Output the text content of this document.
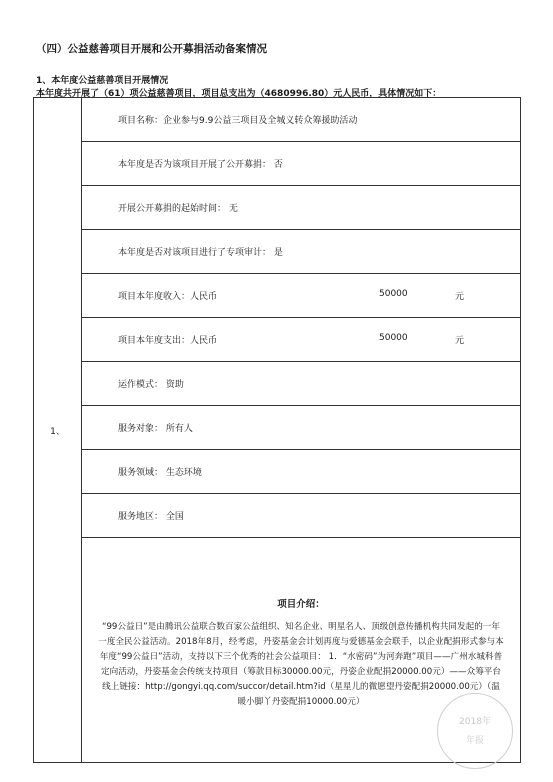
（四）公益慈善项目开展和公开募捐活动备案情况
1、本年度公益慈善项目开展情况
本年度共开展了（61）项公益慈善项目，项目总支出为（4680996.80）元人民币，具体情况如下：
1、	项目名称：企业参与9.9公益三项目及全城义转众筹援助活动
本年度是否为该项目开展了公开募捐： 否
开展公开募捐的起始时间： 无
本年度是否对该项目进行了专项审计： 是
项目本年度收入：人民币	50000	元

项目本年度支出：人民币	50000	元

运作模式： 资助
服务对象： 所有人
服务领域： 生态环境
服务地区： 全国

项目介绍：
“99公益日”是由腾讯公益联合数百家公益组织、知名企业、明星名人、顶级创意传播机构共同发起的一年一度全民公益活动。2018年8月，经考虑，丹姿基金会计划再度与爱德基金会联手，以企业配捐形式参与本年度“99公益日”活动，支持以下三个优秀的社会公益项目： 1．“水密码”为河奔跑”项目——广州水城科普定向活动，丹姿基金会传统支持项目（筹款目标30000.00元，丹姿企业配捐20000.00元）——众筹平台线上链接：http://gongyi.qq.com/succor/detail.htm?id（星星儿的微愿望丹姿配捐20000.00元）（温暖小脚丫丹姿配捐10000.00元）
2018年
年报
